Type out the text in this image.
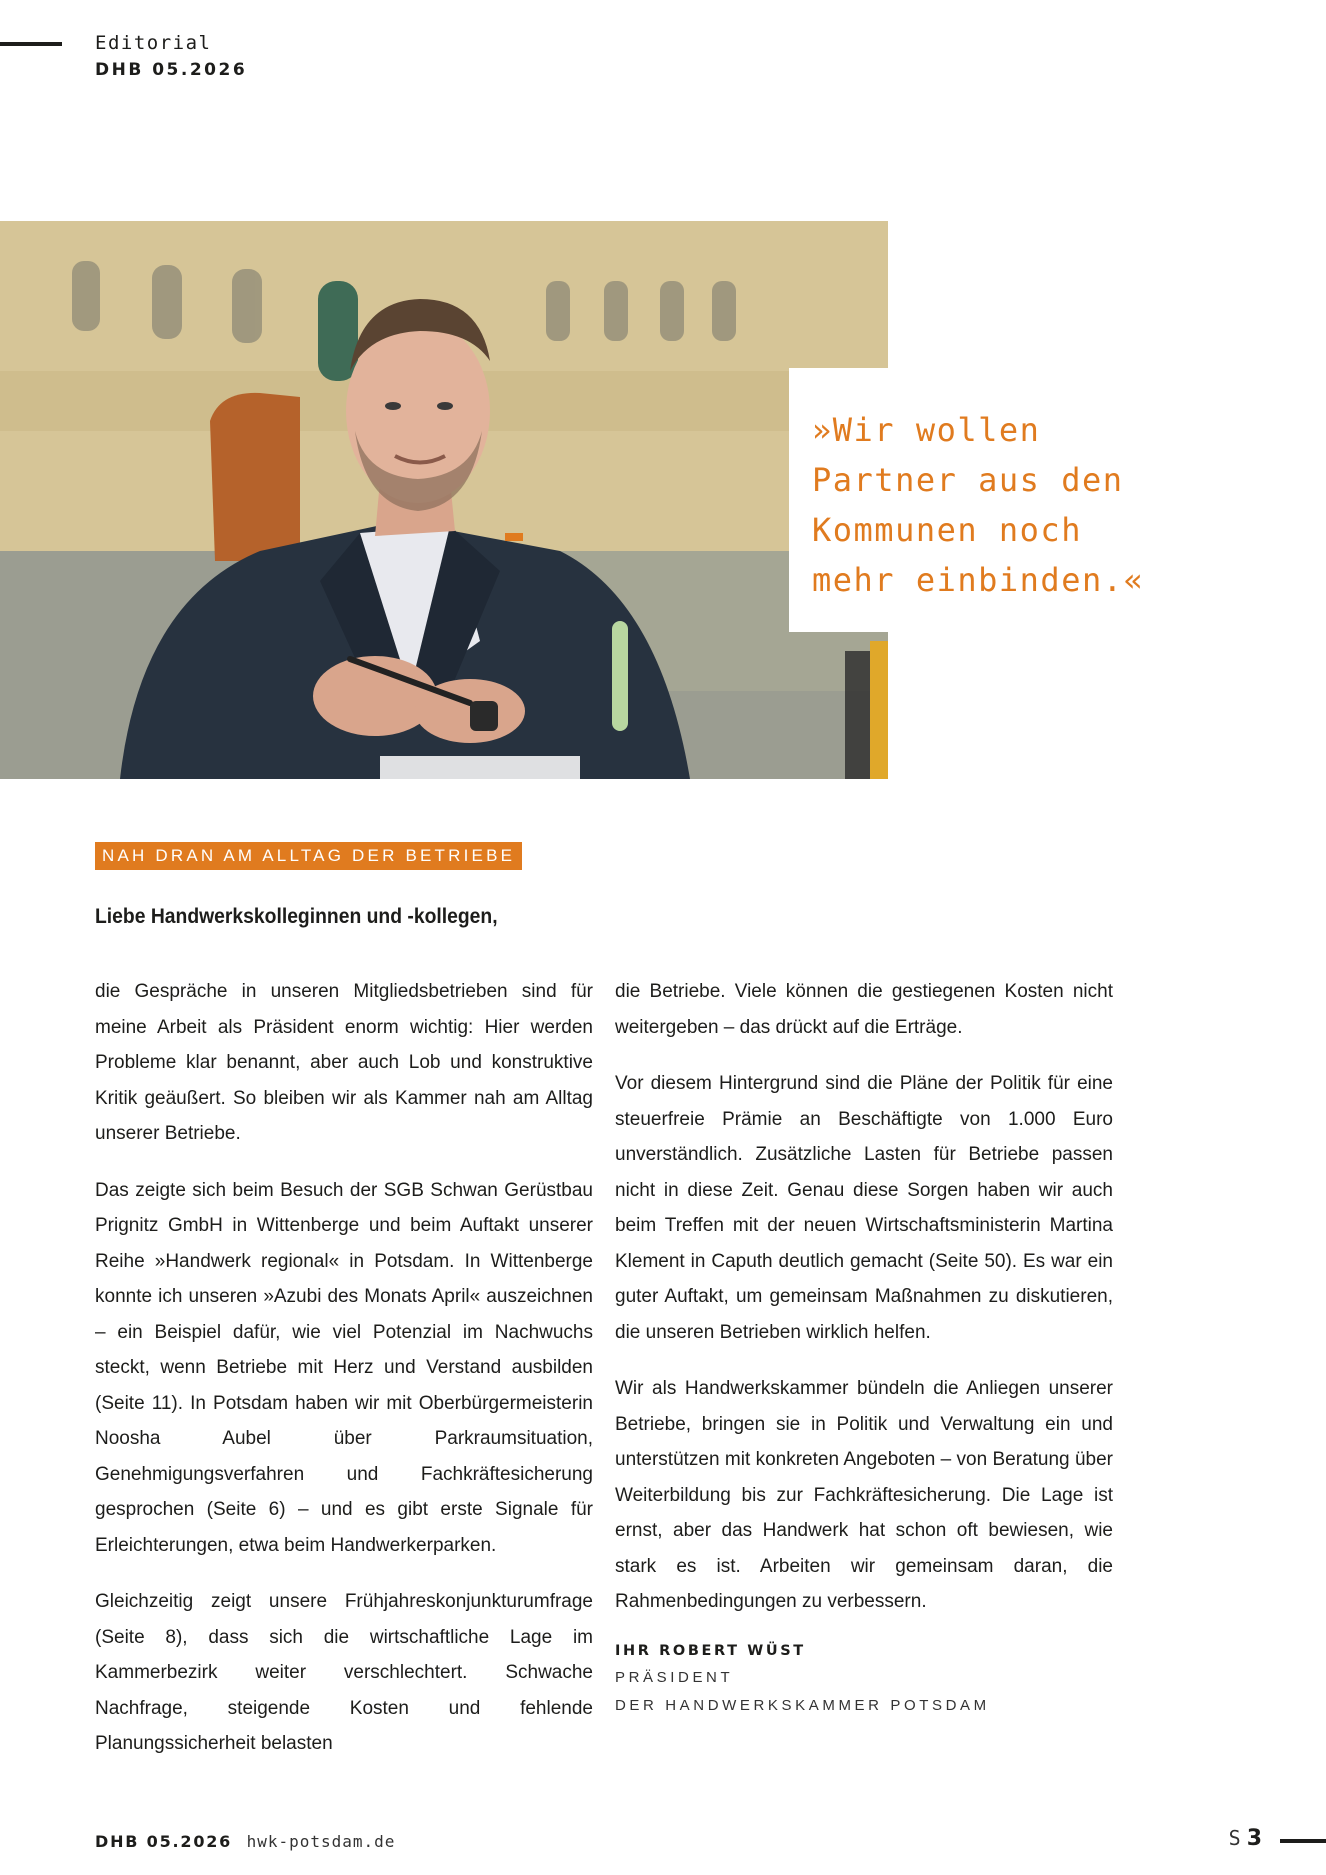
Editorial
DHB 05.2026

»Wir wollen
Partner aus den
Kommunen noch
mehr einbinden.«

NAH DRAN AM ALLTAG DER BETRIEBE
Liebe Handwerkskolleginnen und -kollegen,

die Gespräche in unseren Mitgliedsbetrieben sind für meine Arbeit als Präsident enorm wichtig: Hier werden Probleme klar benannt, aber auch Lob und konstruktive Kritik geäußert. So bleiben wir als Kammer nah am Alltag unserer Betriebe.

Das zeigte sich beim Besuch der SGB Schwan Gerüstbau Prignitz GmbH in Wittenberge und beim Auftakt unserer Reihe »Handwerk regional« in Potsdam. In Wittenberge konnte ich unseren »Azubi des Monats April« auszeichnen – ein Beispiel dafür, wie viel Potenzial im Nachwuchs steckt, wenn Betriebe mit Herz und Verstand ausbilden (Seite 11). In Potsdam haben wir mit Oberbürgermeisterin Noosha Aubel über Parkraumsituation, Genehmigungsverfahren und Fachkräftesicherung gesprochen (Seite 6) – und es gibt erste Signale für Erleichterungen, etwa beim Handwerkerparken.

Gleichzeitig zeigt unsere Frühjahreskonjunkturumfrage (Seite 8), dass sich die wirtschaftliche Lage im Kammerbezirk weiter verschlechtert. Schwache Nachfrage, steigende Kosten und fehlende Planungssicherheit belasten

die Betriebe. Viele können die gestiegenen Kosten nicht weitergeben – das drückt auf die Erträge.

Vor diesem Hintergrund sind die Pläne der Politik für eine steuerfreie Prämie an Beschäftigte von 1.000 Euro unverständlich. Zusätzliche Lasten für Betriebe passen nicht in diese Zeit. Genau diese Sorgen haben wir auch beim Treffen mit der neuen Wirtschaftsministerin Martina Klement in Caputh deutlich gemacht (Seite 50). Es war ein guter Auftakt, um gemeinsam Maßnahmen zu diskutieren, die unseren Betrieben wirklich helfen.

Wir als Handwerkskammer bündeln die Anliegen unserer Betriebe, bringen sie in Politik und Verwaltung ein und unterstützen mit konkreten Angeboten – von Beratung über Weiterbildung bis zur Fachkräftesicherung. Die Lage ist ernst, aber das Handwerk hat schon oft bewiesen, wie stark es ist. Arbeiten wir gemeinsam daran, die Rahmenbedingungen zu verbessern.

IHR ROBERT WÜST
PRÄSIDENT
DER HANDWERKSKAMMER POTSDAM
DHB 05.2026 hwk-potsdam.de	S 3
